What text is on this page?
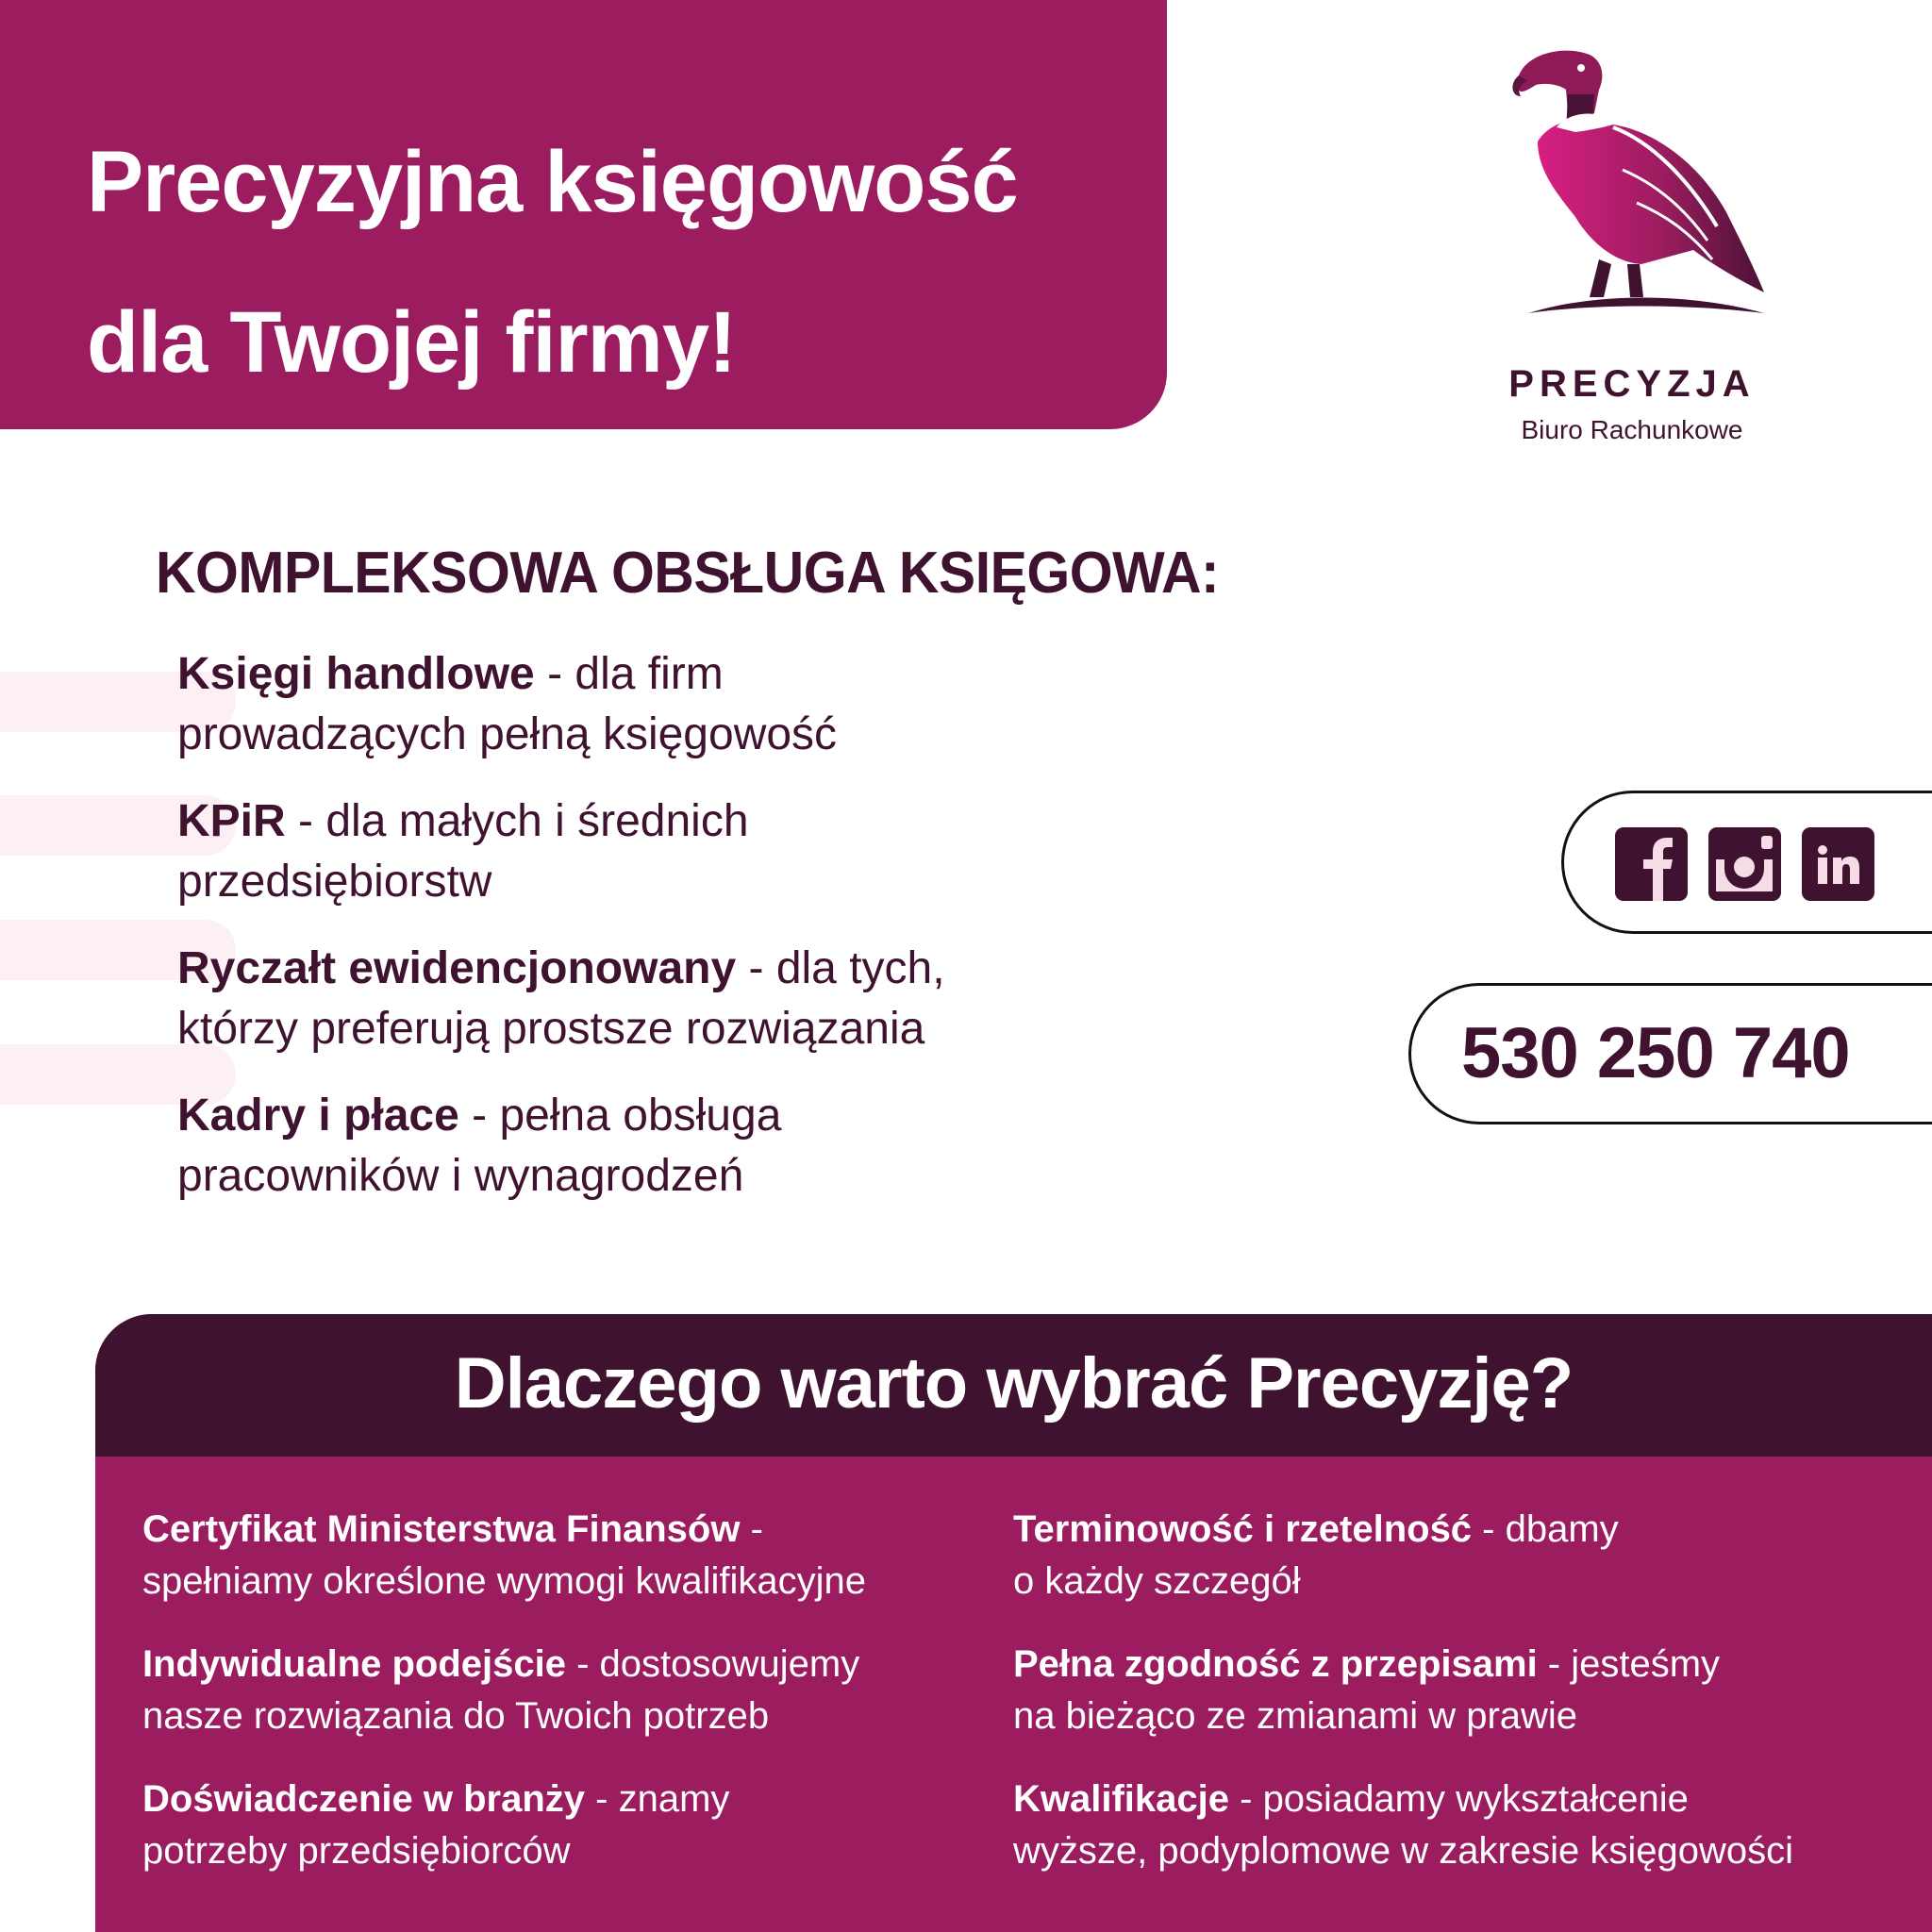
Precyzyjna księgowość
dla Twojej firmy!	PRECYZJA
Biuro Rachunkowe
KOMPLEKSOWA OBSŁUGA KSIĘGOWA:
Księgi handlowe - dla firm
prowadzących pełną księgowość
KPiR - dla małych i średnich
przedsiębiorstw
Ryczałt ewidencjonowany - dla tych,
którzy preferują prostsze rozwiązania
Kadry i płace - pełna obsługa
pracowników i wynagrodzeń
530 250 740
Dlaczego warto wybrać Precyzję?
Certyfikat Ministerstwa Finansów -
spełniamy określone wymogi kwalifikacyjne
Indywidualne podejście - dostosowujemy
nasze rozwiązania do Twoich potrzeb
Doświadczenie w branży - znamy
potrzeby przedsiębiorców
Terminowość i rzetelność - dbamy
o każdy szczegół
Pełna zgodność z przepisami - jesteśmy
na bieżąco ze zmianami w prawie
Kwalifikacje - posiadamy wykształcenie
wyższe, podyplomowe w zakresie księgowości
